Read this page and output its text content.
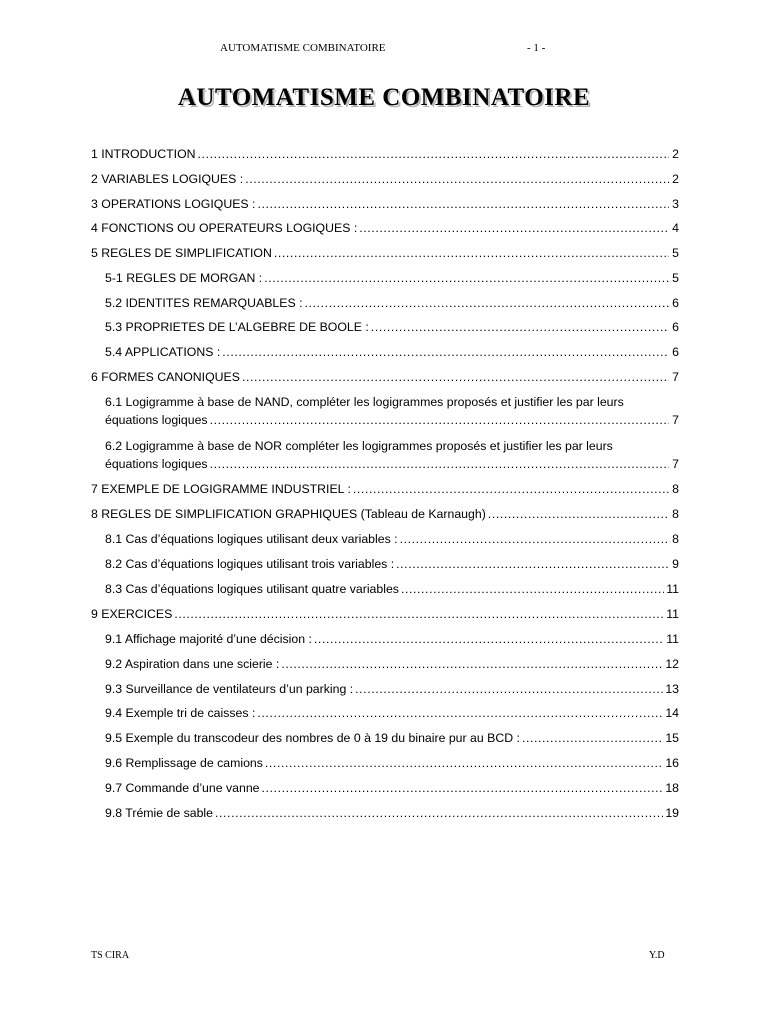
AUTOMATISME COMBINATOIRE	- 1 -
AUTOMATISME COMBINATOIRE
1 INTRODUCTION .....	2
2 VARIABLES LOGIQUES : .....	2
3 OPERATIONS LOGIQUES : .....	3
4 FONCTIONS OU OPERATEURS LOGIQUES : .....	4
5 REGLES DE SIMPLIFICATION .....	5
5-1 REGLES DE MORGAN : .....	5
5.2 IDENTITES REMARQUABLES : .....	6
5.3 PROPRIETES DE L’ALGEBRE DE BOOLE : .....	6
5.4 APPLICATIONS : .....	6
6 FORMES CANONIQUES .....	7
6.1 Logigramme à base de NAND, compléter les logigrammes proposés et justifier les par leurs
équations logiques .....	7
6.2 Logigramme à base de NOR compléter les logigrammes proposés et justifier les par leurs
équations logiques .....	7
7 EXEMPLE DE LOGIGRAMME INDUSTRIEL : .....	8
8 REGLES DE SIMPLIFICATION GRAPHIQUES (Tableau de Karnaugh) .....	8
8.1 Cas d’équations logiques utilisant deux variables : .....	8
8.2 Cas d’équations logiques utilisant trois variables : .....	9
8.3 Cas d’équations logiques utilisant quatre variables .....	11
9 EXERCICES .....	11
9.1 Affichage majorité d’une décision : .....	11
9.2 Aspiration dans une scierie : .....	12
9.3 Surveillance de ventilateurs d’un parking : .....	13
9.4 Exemple tri de caisses : .....	14
9.5 Exemple du transcodeur des nombres de 0 à 19 du binaire pur au BCD : .....	15
9.6 Remplissage de camions .....	16
9.7 Commande d’une vanne .....	18
9.8 Trémie de sable .....	19
TS CIRA	Y.D
